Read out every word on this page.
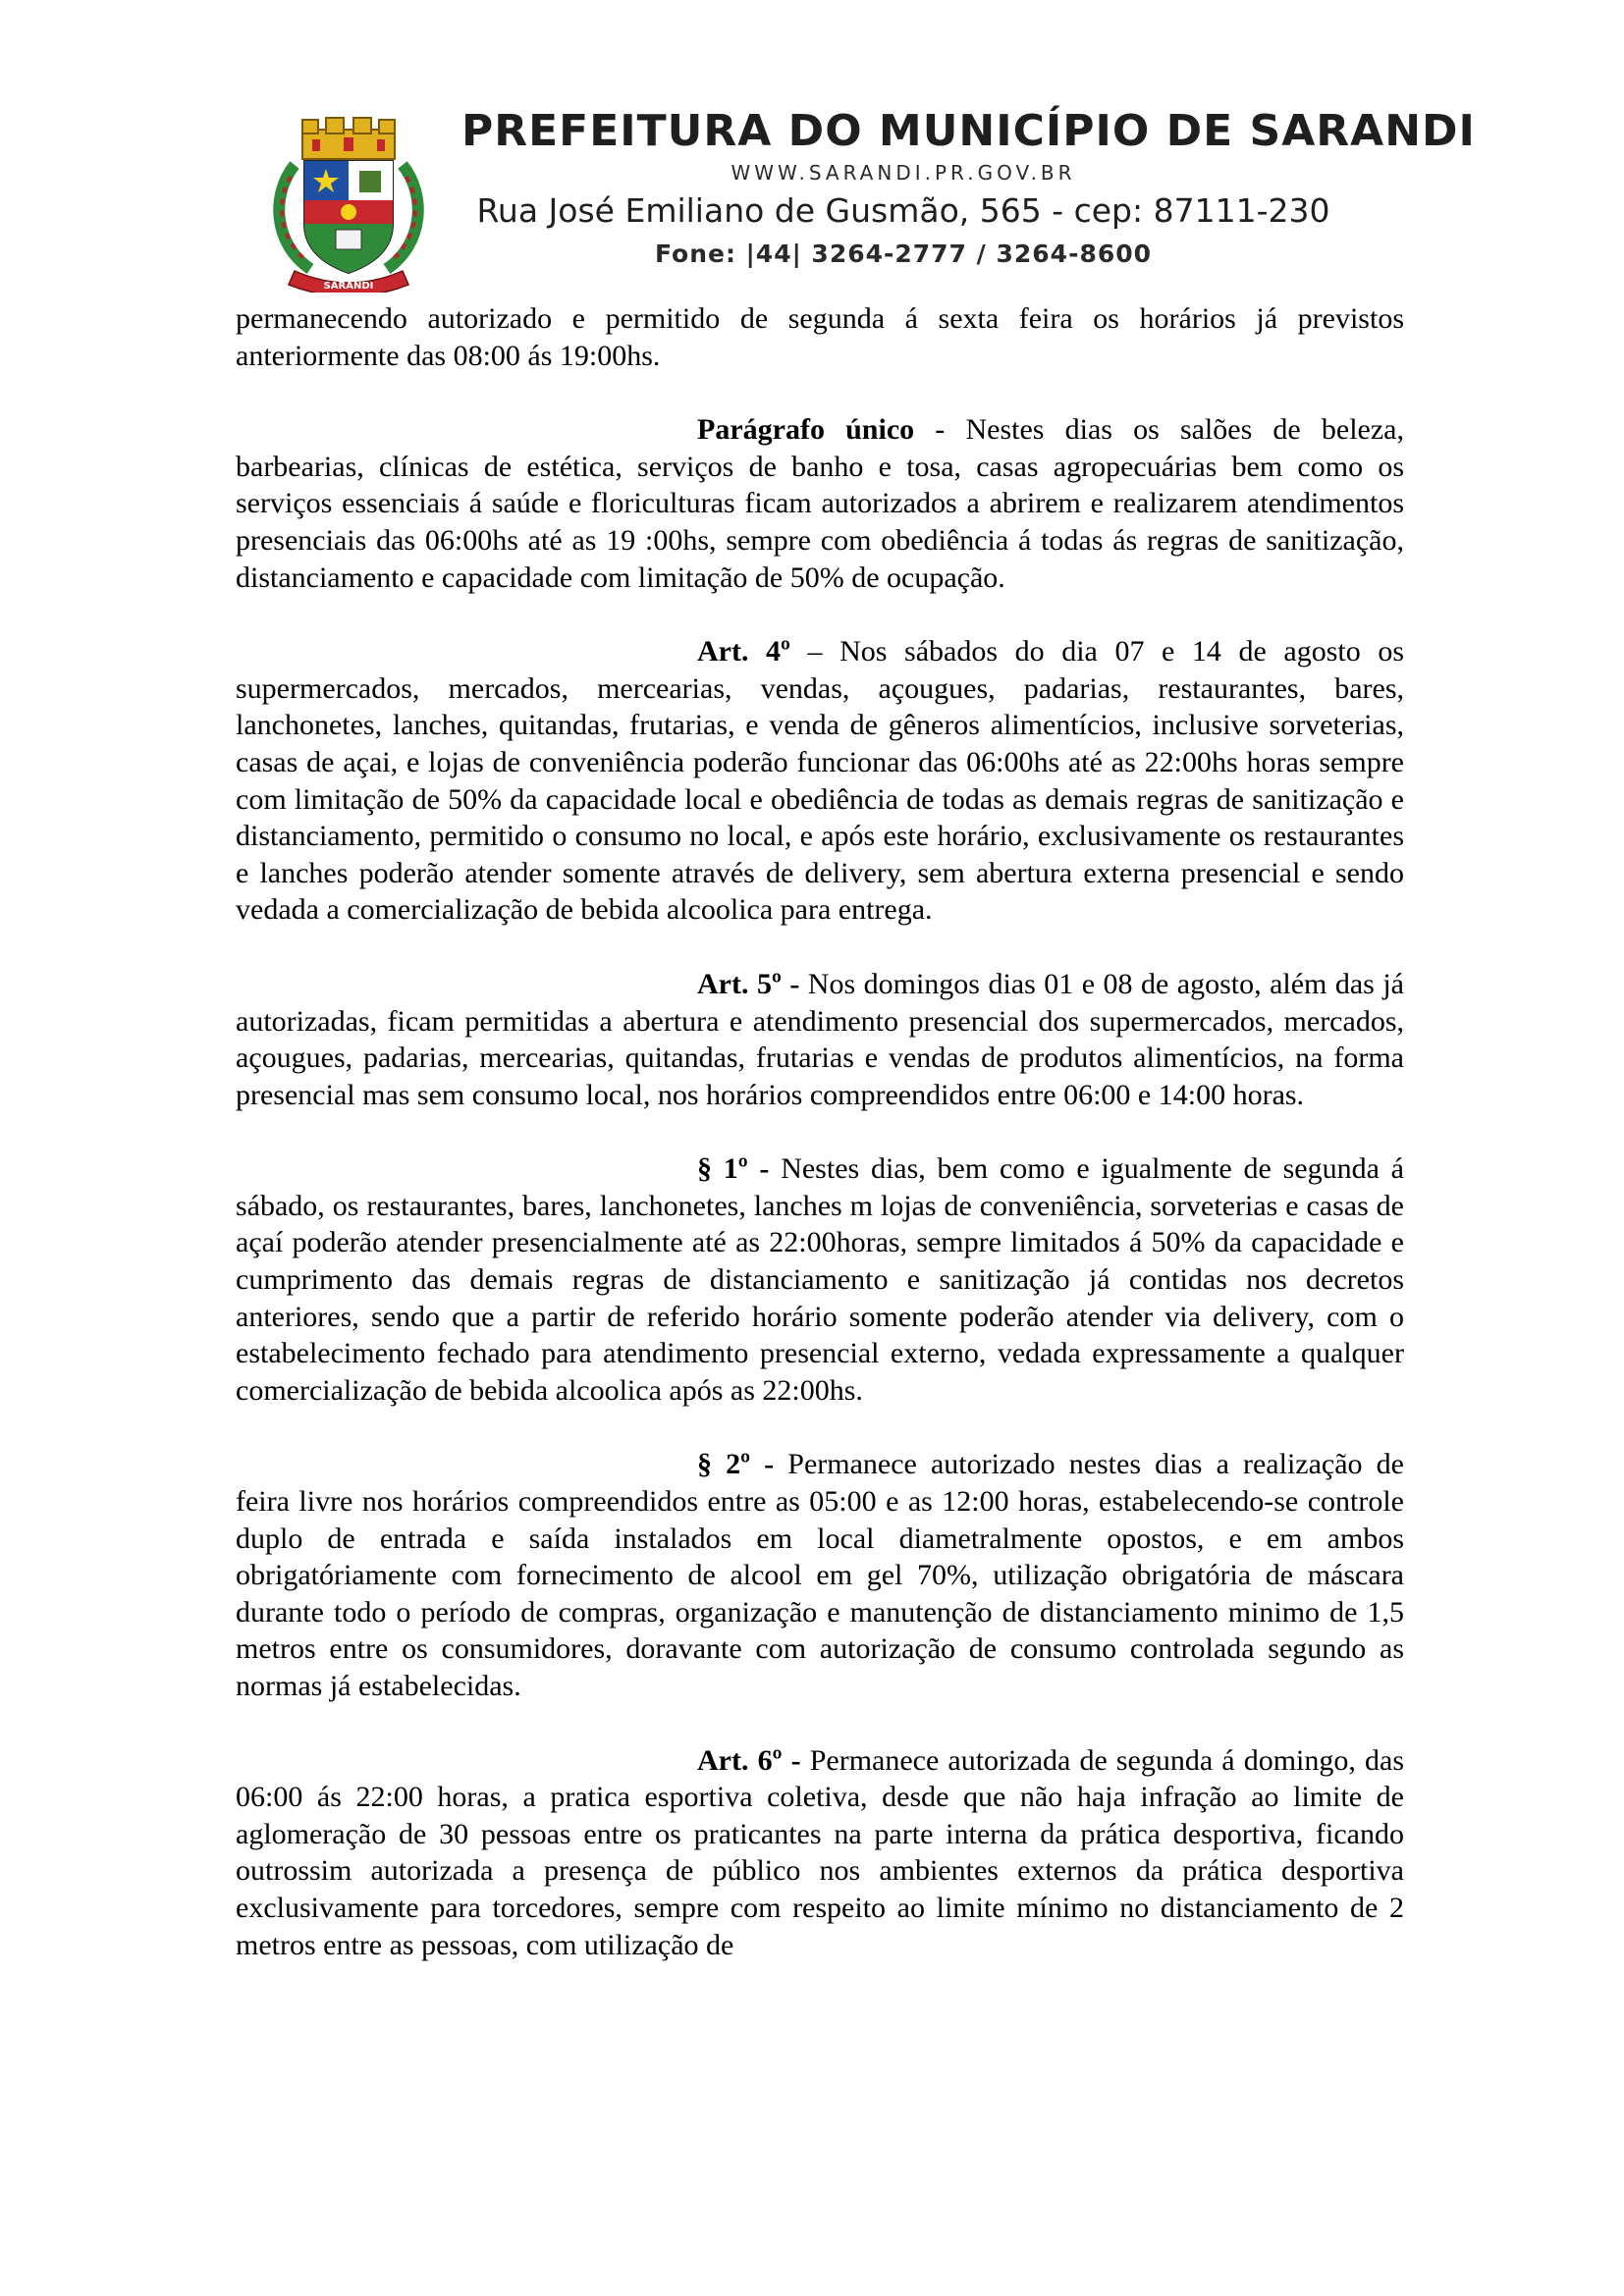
SARANDI
PREFEITURA DO MUNICÍPIO DE SARANDI
WWW.SARANDI.PR.GOV.BR
Rua José Emiliano de Gusmão, 565 - cep: 87111-230
Fone: |44| 3264-2777 / 3264-8600

permanecendo autorizado e permitido de segunda á sexta feira os horários já previstos anteriormente das 08:00 ás 19:00hs.

Parágrafo único - Nestes dias os salões de beleza, barbearias, clínicas de estética, serviços de banho e tosa, casas agropecuárias bem como os serviços essenciais á saúde e floriculturas ficam autorizados a abrirem e realizarem atendimentos presenciais das 06:00hs até as 19 :00hs, sempre com obediência á todas ás regras de sanitização, distanciamento e capacidade com limitação de 50% de ocupação.

Art. 4º – Nos sábados do dia 07 e 14 de agosto os supermercados, mercados, mercearias, vendas, açougues, padarias, restaurantes, bares, lanchonetes, lanches, quitandas, frutarias, e venda de gêneros alimentícios, inclusive sorveterias, casas de açai, e lojas de conveniência poderão funcionar das 06:00hs até as 22:00hs horas sempre com limitação de 50% da capacidade local e obediência de todas as demais regras de sanitização e distanciamento, permitido o consumo no local, e após este horário, exclusivamente os restaurantes e lanches poderão atender somente através de delivery, sem abertura externa presencial e sendo vedada a comercialização de bebida alcoolica para entrega.

Art. 5º - Nos domingos dias 01 e 08 de agosto, além das já autorizadas, ficam permitidas a abertura e atendimento presencial dos supermercados, mercados, açougues, padarias, mercearias, quitandas, frutarias e vendas de produtos alimentícios, na forma presencial mas sem consumo local, nos horários compreendidos entre 06:00 e 14:00 horas.

§ 1º - Nestes dias, bem como e igualmente de segunda á sábado, os restaurantes, bares, lanchonetes, lanches m lojas de conveniência, sorveterias e casas de açaí poderão atender presencialmente até as 22:00horas, sempre limitados á 50% da capacidade e cumprimento das demais regras de distanciamento e sanitização já contidas nos decretos anteriores, sendo que a partir de referido horário somente poderão atender via delivery, com o estabelecimento fechado para atendimento presencial externo, vedada expressamente a qualquer comercialização de bebida alcoolica após as 22:00hs.

§ 2º - Permanece autorizado nestes dias a realização de feira livre nos horários compreendidos entre as 05:00 e as 12:00 horas, estabelecendo-se controle duplo de entrada e saída instalados em local diametralmente opostos, e em ambos obrigatóriamente com fornecimento de alcool em gel 70%, utilização obrigatória de máscara durante todo o período de compras, organização e manutenção de distanciamento minimo de 1,5 metros entre os consumidores, doravante com autorização de consumo controlada segundo as normas já estabelecidas.

Art. 6º - Permanece autorizada de segunda á domingo, das 06:00 ás 22:00 horas, a pratica esportiva coletiva, desde que não haja infração ao limite de aglomeração de 30 pessoas entre os praticantes na parte interna da prática desportiva, ficando outrossim autorizada a presença de público nos ambientes externos da prática desportiva exclusivamente para torcedores, sempre com respeito ao limite mínimo no distanciamento de 2 metros entre as pessoas, com utilização de
